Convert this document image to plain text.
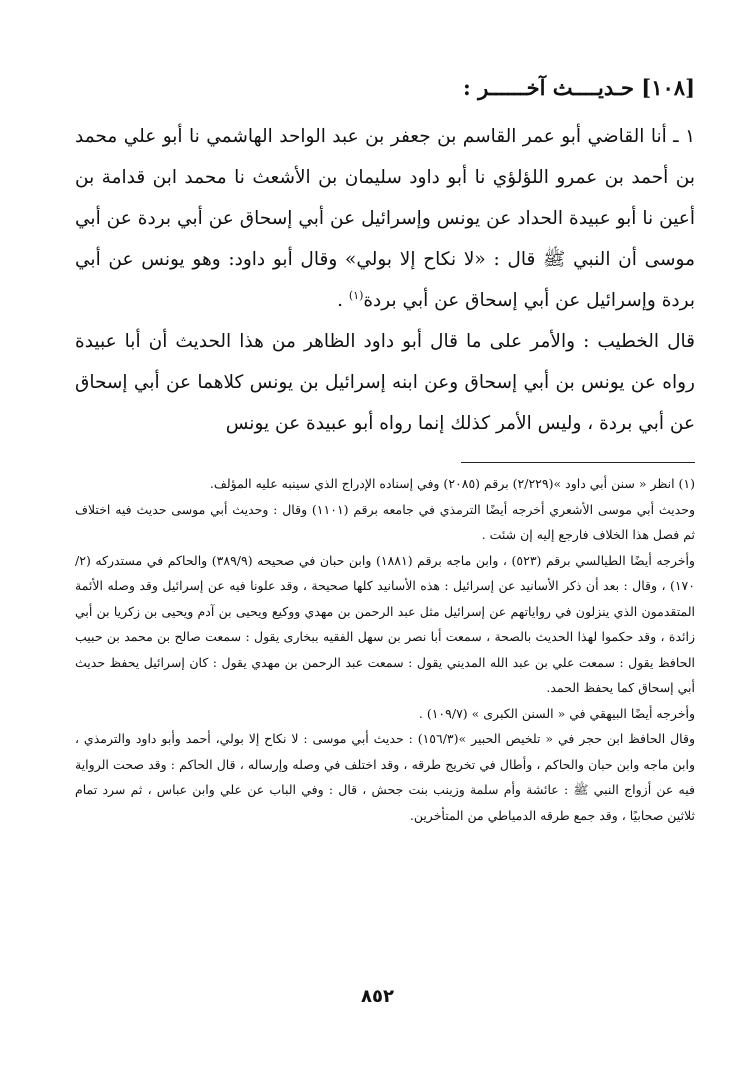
[١٠٨] حـديــــث آخــــــر :

١ ـ أنا القاضي أبو عمر القاسم بن جعفر بن عبد الواحد الهاشمي نا أبو علي محمد بن أحمد بن عمرو اللؤلؤي نا أبو داود سليمان بن الأشعث نا محمد ابن قدامة بن أعين نا أبو عبيدة الحداد عن يونس وإسرائيل عن أبي إسحاق عن أبي بردة عن أبي موسى أن النبي ﷺ قال : «لا نكاح إلا بولي» وقال أبو داود: وهو يونس عن أبي بردة وإسرائيل عن أبي إسحاق عن أبي بردة$^{(١)}$ .

قال الخطيب : والأمر على ما قال أبو داود الظاهر من هذا الحديث أن أبا عبيدة رواه عن يونس بن أبي إسحاق وعن ابنه إسرائيل بن يونس كلاهما عن أبي إسحاق عن أبي بردة ، وليس الأمر كذلك إنما رواه أبو عبيدة عن يونس

(١) انظر « سنن أبي داود »(٢/٢٢٩) برقم (٢٠٨٥) وفي إسناده الإدراج الذي سينبه عليه المؤلف.

وحديث أبي موسى الأشعري أخرجه أيضًا الترمذي في جامعه برقم (١١٠١) وقال : وحديث أبي موسى حديث فيه اختلاف ثم فصل هذا الخلاف فارجع إليه إن شئت .

وأخرجه أيضًا الطيالسي برقم (٥٢٣) ، وابن ماجه برقم (١٨٨١) وابن حبان في صحيحه (٣٨٩/٩) والحاكم في مستدركه (٢/ ١٧٠) ، وقال : بعد أن ذكر الأسانيد عن إسرائيل : هذه الأسانيد كلها صحيحة ، وقد علونا فيه عن إسرائيل وقد وصله الأئمة المتقدمون الذي ينزلون في رواياتهم عن إسرائيل مثل عبد الرحمن بن مهدي ووكيع ويحيى بن آدم ويحيى بن زكريا بن أبي زائدة ، وقد حكموا لهذا الحديث بالصحة ، سمعت أبا نصر بن سهل الفقيه ببخارى يقول : سمعت صالح بن محمد بن حبيب الحافظ يقول : سمعت علي بن عبد الله المديني يقول : سمعت عبد الرحمن بن مهدي يقول : كان إسرائيل يحفظ حديث أبي إسحاق كما يحفظ الحمد.

وأخرجه أيضًا البيهقي في « السنن الكبرى » (١٠٩/٧) .

وقال الحافظ ابن حجر في « تلخيص الحبير »(١٥٦/٣) : حديث أبي موسى : لا نكاح إلا بولي، أحمد وأبو داود والترمذي ، وابن ماجه وابن حبان والحاكم ، وأطال في تخريج طرقه ، وقد اختلف في وصله وإرساله ، قال الحاكم : وقد صحت الرواية فيه عن أزواج النبي ﷺ : عائشة وأم سلمة وزينب بنت جحش ، قال : وفي الباب عن علي وابن عباس ، ثم سرد تمام ثلاثين صحابيًا ، وقد جمع طرقه الدمياطي من المتأخرين.

٨٥٢
